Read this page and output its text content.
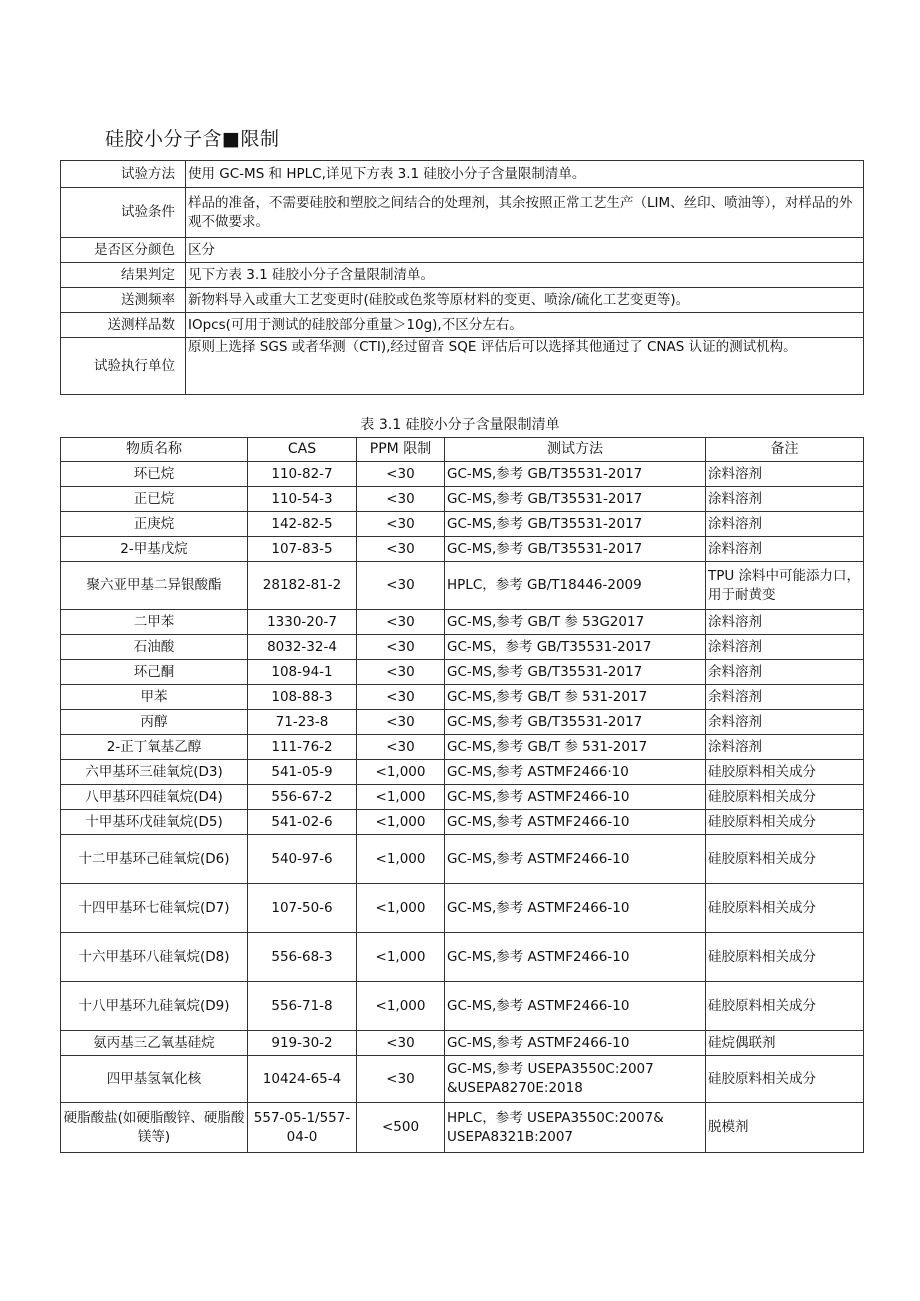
硅胶小分子含■限制
试验方法	使用 GC-MS 和 HPLC,详见下方表 3.1 硅胶小分子含量限制清单。
试验条件	样品的准备，不需要硅胶和塑胶之间结合的处理剂，其余按照正常工艺生产（LIM、丝印、喷油等），对样品的外观不做要求。
是否区分颜色	区分
结果判定	见下方表 3.1 硅胶小分子含量限制清单。
送测频率	新物料导入或重大工艺变更时(硅胶或色浆等原材料的变更、喷涂/硫化工艺变更等)。
送测样品数	IOpcs(可用于测试的硅胶部分重量＞10g),不区分左右。
试验执行单位	原则上选择 SGS 或者华测（CTI),经过留音 SQE 评估后可以选择其他通过了 CNAS 认证的测试机构。
表 3.1 硅胶小分子含量限制清单
物质名称	CAS	PPM 限制	测试方法	备注
环已烷	110-82-7	<30	GC-MS,参考 GB/T35531-2017	涂料溶剂
正已烷	110-54-3	<30	GC-MS,参考 GB/T35531-2017	涂料溶剂
正庚烷	142-82-5	<30	GC-MS,参考 GB/T35531-2017	涂料溶剂
2-甲基戊烷	107-83-5	<30	GC-MS,参考 GB/T35531-2017	涂料溶剂
聚六亚甲基二异银酸酯	28182-81-2	<30	HPLC，参考 GB/T18446-2009	TPU 涂料中可能添力口，用于耐黄变
二甲苯	1330-20-7	<30	GC-MS,参考 GB/T 参 53G2017	涂料溶剂
石油酸	8032-32-4	<30	GC-MS，参考 GB/T35531-2017	涂料溶剂
环己酮	108-94-1	<30	GC-MS,参考 GB/T35531-2017	余料溶剂
甲苯	108-88-3	<30	GC-MS,参考 GB/T 参 531-2017	余料溶剂
丙醇	71-23-8	<30	GC-MS,参考 GB/T35531-2017	余料溶剂
2-正丁氧基乙醇	111-76-2	<30	GC-MS,参考 GB/T 参 531-2017	涂料溶剂
六甲基环三硅氧烷(D3)	541-05-9	<1,000	GC-MS,参考 ASTMF2466·10	硅胶原料相关成分
八甲基环四硅氧烷(D4)	556-67-2	<1,000	GC-MS,参考 ASTMF2466-10	硅胶原料相关成分
十甲基环戊硅氧烷(D5)	541-02-6	<1,000	GC-MS,参考 ASTMF2466-10	硅胶原料相关成分
十二甲基环己硅氧烷(D6)	540-97-6	<1,000	GC-MS,参考 ASTMF2466-10	硅胶原料相关成分
十四甲基环七硅氧烷(D7)	107-50-6	<1,000	GC-MS,参考 ASTMF2466-10	硅胶原料相关成分
十六甲基环八硅氧烷(D8)	556-68-3	<1,000	GC-MS,参考 ASTMF2466-10	硅胶原料相关成分
十八甲基环九硅氧烷(D9)	556-71-8	<1,000	GC-MS,参考 ASTMF2466-10	硅胶原料相关成分
氨丙基三乙氧基硅烷	919-30-2	<30	GC-MS,参考 ASTMF2466-10	硅烷偶联剂
四甲基氢氧化核	10424-65-4	<30	GC-MS,参考 USEPA3550C:2007 &USEPA8270E:2018	硅胶原料相关成分
硬脂酸盐(如硬脂酸锌、硬脂酸镁等)	557-05-1/557-04-0	<500	HPLC，参考 USEPA3550C:2007& USEPA8321B:2007	脱模剂
